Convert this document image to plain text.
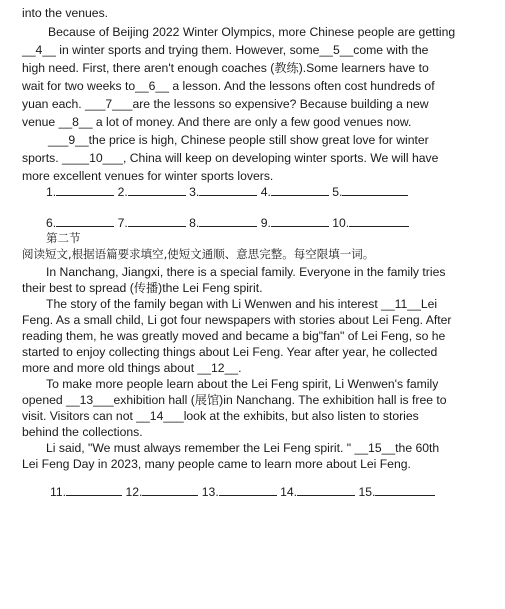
into the venues.
Because of Beijing 2022 Winter Olympics, more Chinese people are getting
__4__ in winter sports and trying them. However, some__5__come with the
high need. First, there aren't enough coaches (教练).Some learners have to
wait for two weeks to__6__ a lesson. And the lessons often cost hundreds of
yuan each. ___7___are the lessons so expensive? Because building a new
venue __8__ a lot of money. And there are only a few good venues now.
___9__the price is high, Chinese people still show great love for winter
sports. ____10___, China will keep on developing winter sports. We will have
more excellent venues for winter sports lovers.
1.	2.	3.	4.	5.
6.	7.	8.	9.	10.
第二节
阅读短文,根据语篇要求填空,使短文通顺、意思完整。每空限填一词。
In Nanchang, Jiangxi, there is a special family. Everyone in the family tries
their best to spread (传播)the Lei Feng spirit.
The story of the family began with Li Wenwen and his interest __11__Lei
Feng. As a small child, Li got four newspapers with stories about Lei Feng. After
reading them, he was greatly moved and became a big"fan" of Lei Feng, so he
started to enjoy collecting things about Lei Feng. Year after year, he collected
more and more old things about __12__.
To make more people learn about the Lei Feng spirit, Li Wenwen's family
opened __13___exhibition hall (展馆)in Nanchang. The exhibition hall is free to
visit. Visitors can not __14___look at the exhibits, but also listen to stories
behind the collections.
Li said, "We must always remember the Lei Feng spirit. " __15__the 60th
Lei Feng Day in 2023, many people came to learn more about Lei Feng.
11.	12.	13.	14.	15.
